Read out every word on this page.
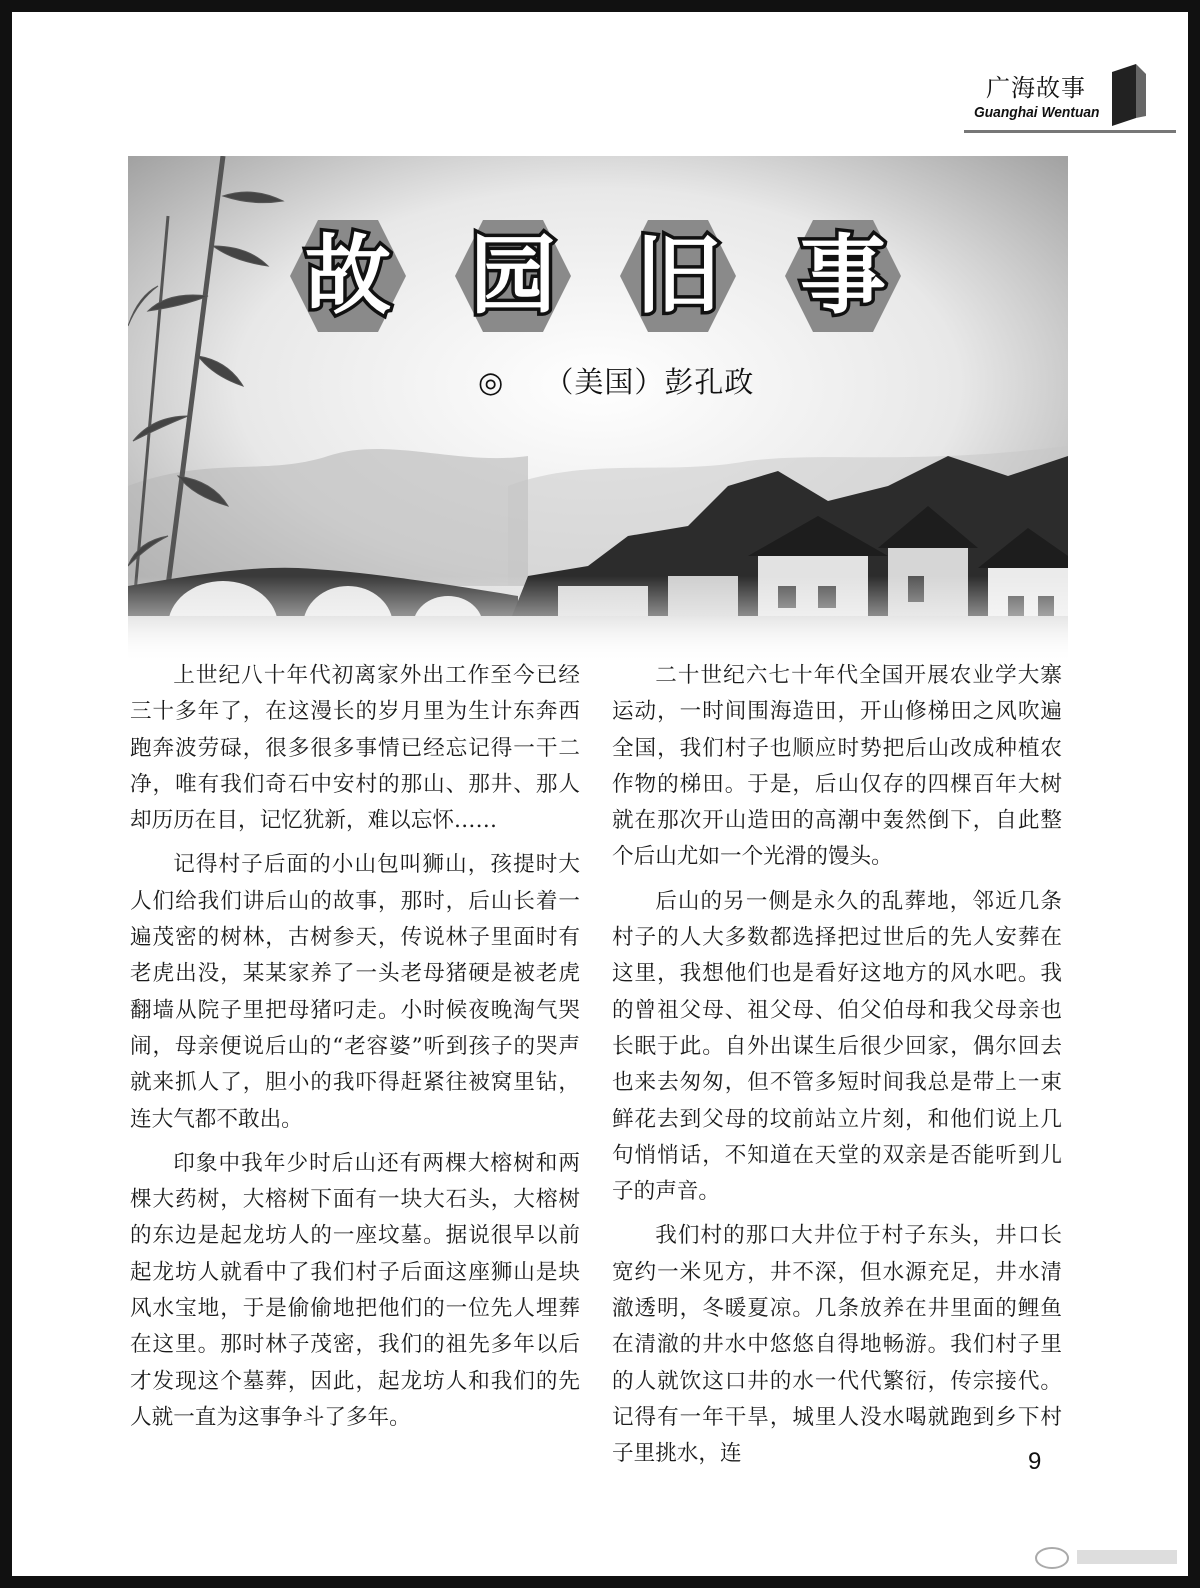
广海故事
Guanghai Wentuan
故 园 旧 事
◎ （美国）彭孔政

上世纪八十年代初离家外出工作至今已经三十多年了，在这漫长的岁月里为生计东奔西跑奔波劳碌，很多很多事情已经忘记得一干二净，唯有我们奇石中安村的那山、那井、那人却历历在目，记忆犹新，难以忘怀……

记得村子后面的小山包叫狮山，孩提时大人们给我们讲后山的故事，那时，后山长着一遍茂密的树林，古树参天，传说林子里面时有老虎出没，某某家养了一头老母猪硬是被老虎翻墙从院子里把母猪叼走。小时候夜晚淘气哭闹，母亲便说后山的“老容婆”听到孩子的哭声就来抓人了，胆小的我吓得赶紧往被窝里钻，连大气都不敢出。

印象中我年少时后山还有两棵大榕树和两棵大药树，大榕树下面有一块大石头，大榕树的东边是起龙坊人的一座坟墓。据说很早以前起龙坊人就看中了我们村子后面这座狮山是块风水宝地，于是偷偷地把他们的一位先人埋葬在这里。那时林子茂密，我们的祖先多年以后才发现这个墓葬，因此，起龙坊人和我们的先人就一直为这事争斗了多年。

二十世纪六七十年代全国开展农业学大寨运动，一时间围海造田，开山修梯田之风吹遍全国，我们村子也顺应时势把后山改成种植农作物的梯田。于是，后山仅存的四棵百年大树就在那次开山造田的高潮中轰然倒下，自此整个后山尤如一个光滑的馒头。

后山的另一侧是永久的乱葬地，邻近几条村子的人大多数都选择把过世后的先人安葬在这里，我想他们也是看好这地方的风水吧。我的曾祖父母、祖父母、伯父伯母和我父母亲也长眠于此。自外出谋生后很少回家，偶尔回去也来去匆匆，但不管多短时间我总是带上一束鲜花去到父母的坟前站立片刻，和他们说上几句悄悄话，不知道在天堂的双亲是否能听到儿子的声音。

我们村的那口大井位于村子东头，井口长宽约一米见方，井不深，但水源充足，井水清澈透明，冬暖夏凉。几条放养在井里面的鲤鱼在清澈的井水中悠悠自得地畅游。我们村子里的人就饮这口井的水一代代繁衍，传宗接代。记得有一年干旱，城里人没水喝就跑到乡下村子里挑水，连	9
